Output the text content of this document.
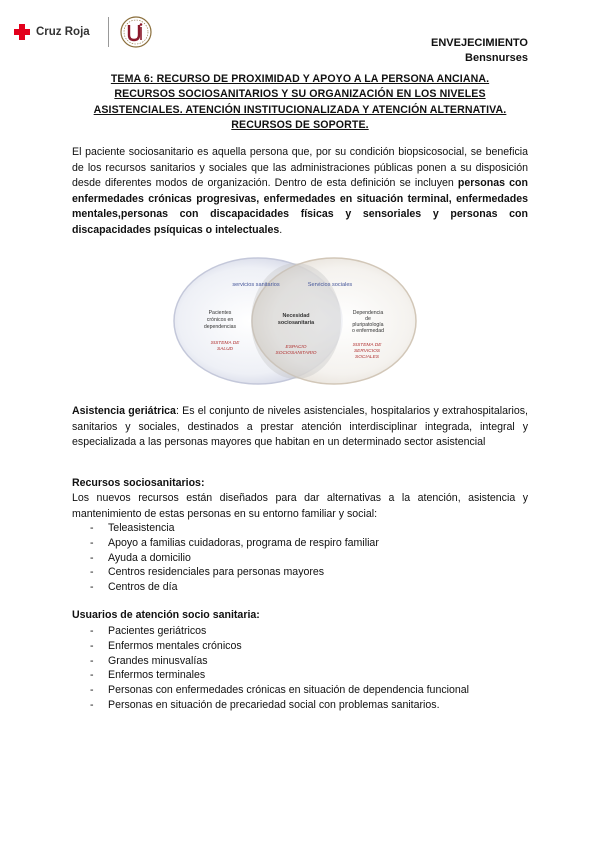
Cruz Roja
ENVEJECIMIENTO
Bensnurses
TEMA 6: RECURSO DE PROXIMIDAD Y APOYO A LA PERSONA ANCIANA.
RECURSOS SOCIOSANITARIOS Y SU ORGANIZACIÓN EN LOS NIVELES
ASISTENCIALES. ATENCIÓN INSTITUCIONALIZADA Y ATENCIÓN ALTERNATIVA.
RECURSOS DE SOPORTE.

El paciente sociosanitario es aquella persona que, por su condición biopsicosocial, se beneficia de los recursos sanitarios y sociales que las administraciones públicas ponen a su disposición desde diferentes modos de organización. Dentro de esta definición se incluyen personas con enfermedades crónicas progresivas, enfermedades en situación terminal, enfermedades mentales,personas con discapacidades físicas y sensoriales y personas con discapacidades psíquicas o intelectuales.

servicios sanitarios	Servicios sociales
Pacientes
crónicos en
dependencias
Necesidad
sociosanitaria
Dependencia
de
pluripatología
o enfermedad
SISTEMA DE
SALUD	ESPACIO
SOCIOSANITARIO
SISTEMA DE
SERVICIOS
SOCIALES

Asistencia geriátrica: Es el conjunto de niveles asistenciales, hospitalarios y extrahospitalarios, sanitarios y sociales, destinados a prestar atención interdisciplinar integrada, integral y especializada a las personas mayores que habitan en un determinado sector asistencial

Recursos sociosanitarios:

Los nuevos recursos están diseñados para dar alternativas a la atención, asistencia y mantenimiento de estas personas en su entorno familiar y social:

- Teleasistencia
- Apoyo a familias cuidadoras, programa de respiro familiar
- Ayuda a domicilio
- Centros residenciales para personas mayores
- Centros de día
Usuarios de atención socio sanitaria:
- Pacientes geriátricos
- Enfermos mentales crónicos
- Grandes minusvalías
- Enfermos terminales
- Personas con enfermedades crónicas en situación de dependencia funcional
- Personas en situación de precariedad social con problemas sanitarios.
